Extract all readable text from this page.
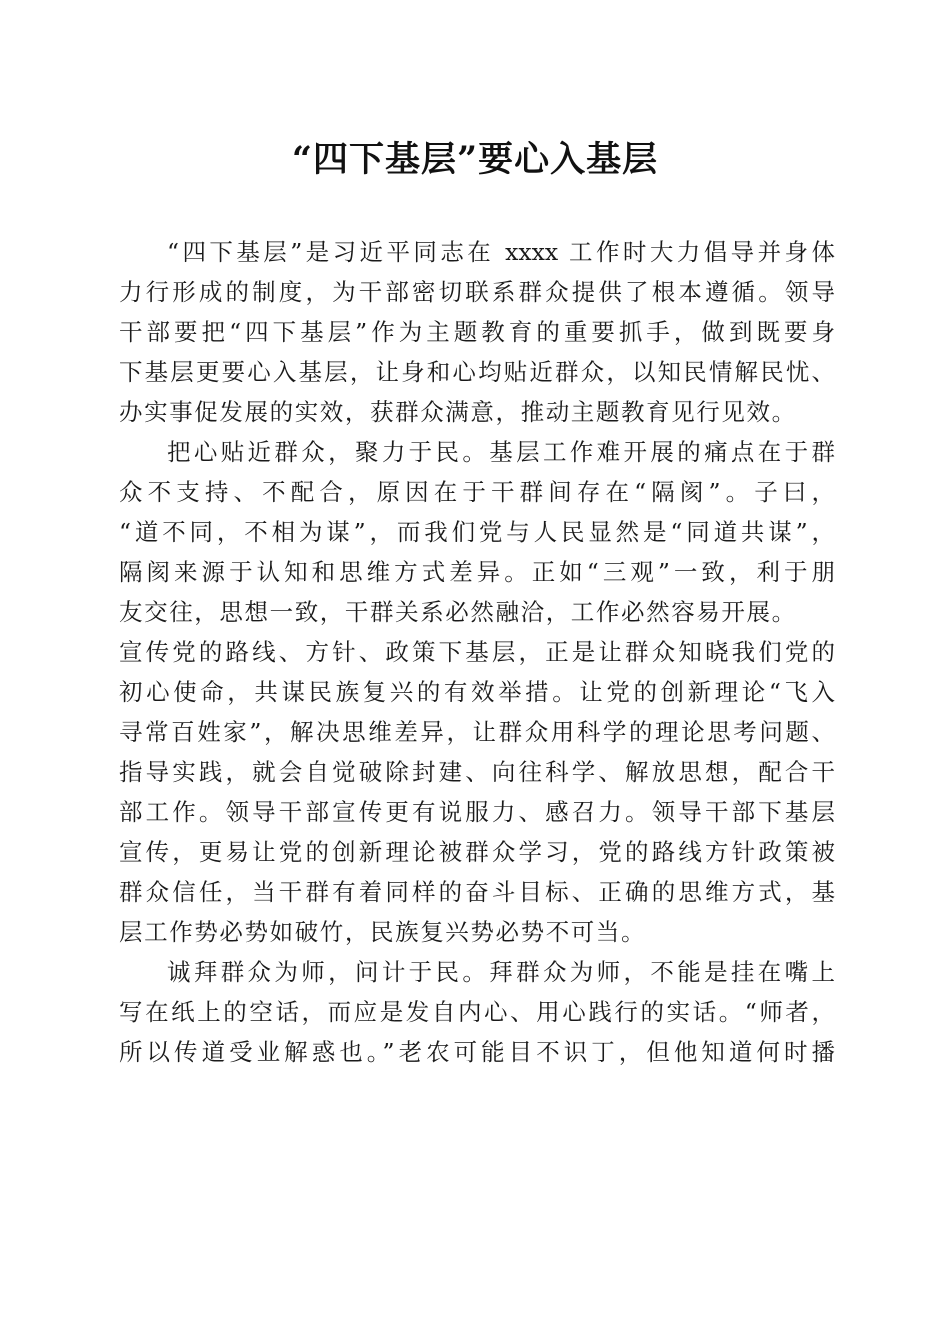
“四下基层”要心入基层
“四下基层”是习近平同志在 xxxx 工作时大力倡导并身体
力行形成的制度，为干部密切联系群众提供了根本遵循。领导
干部要把“四下基层”作为主题教育的重要抓手，做到既要身
下基层更要心入基层，让身和心均贴近群众，以知民情解民忧、
办实事促发展的实效，获群众满意，推动主题教育见行见效。
把心贴近群众，聚力于民。基层工作难开展的痛点在于群
众不支持、不配合，原因在于干群间存在“隔阂”。子曰，
“道不同，不相为谋”，而我们党与人民显然是“同道共谋”，
隔阂来源于认知和思维方式差异。正如“三观”一致，利于朋
友交往，思想一致，干群关系必然融洽，工作必然容易开展。
宣传党的路线、方针、政策下基层，正是让群众知晓我们党的
初心使命，共谋民族复兴的有效举措。让党的创新理论“飞入
寻常百姓家”，解决思维差异，让群众用科学的理论思考问题、
指导实践，就会自觉破除封建、向往科学、解放思想，配合干
部工作。领导干部宣传更有说服力、感召力。领导干部下基层
宣传，更易让党的创新理论被群众学习，党的路线方针政策被
群众信任，当干群有着同样的奋斗目标、正确的思维方式，基
层工作势必势如破竹，民族复兴势必势不可当。
诚拜群众为师，问计于民。拜群众为师，不能是挂在嘴上
写在纸上的空话，而应是发自内心、用心践行的实话。“师者，
所以传道受业解惑也。”老农可能目不识丁，但他知道何时播
